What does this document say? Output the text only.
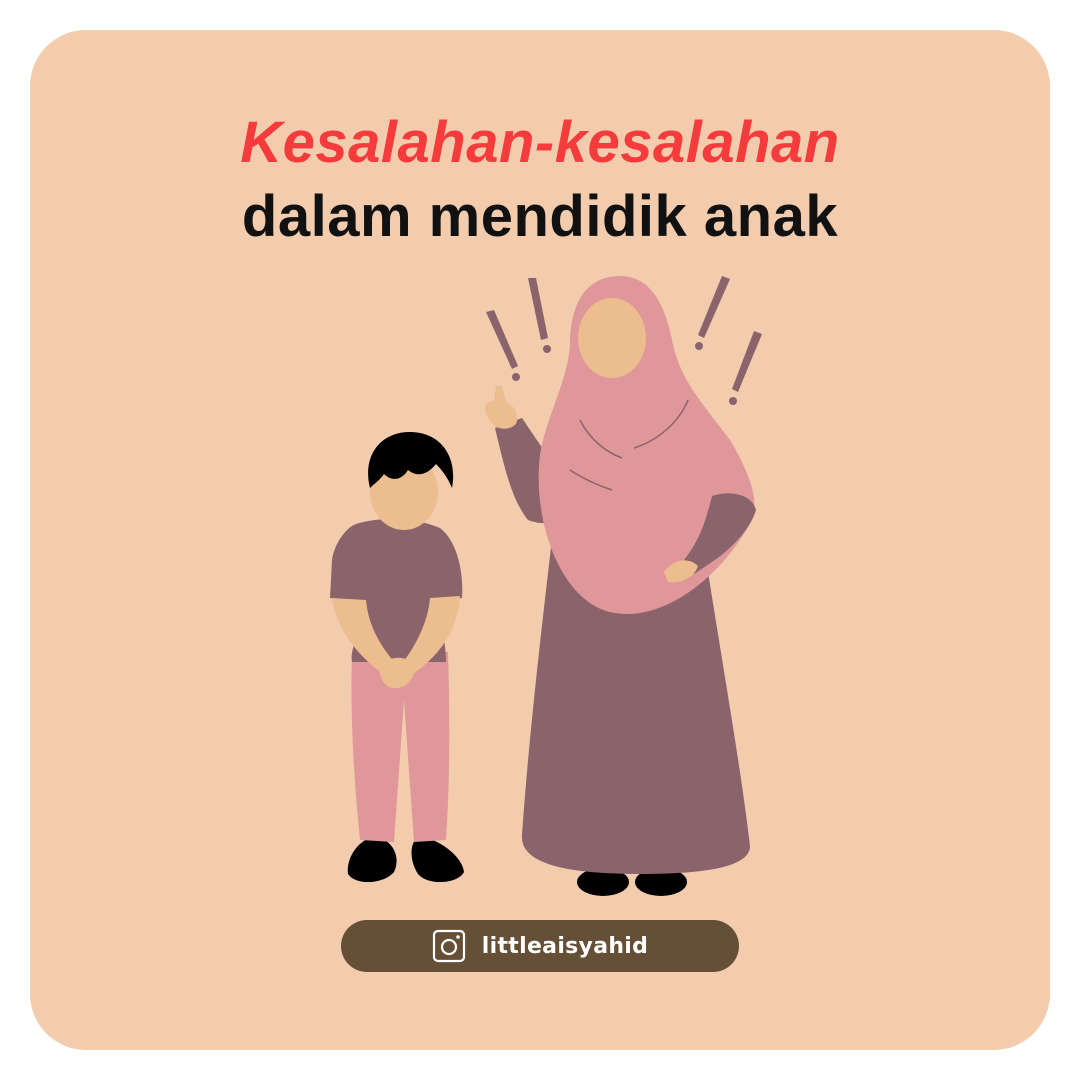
Kesalahan-kesalahan
dalam mendidik anak
littleaisyahid
